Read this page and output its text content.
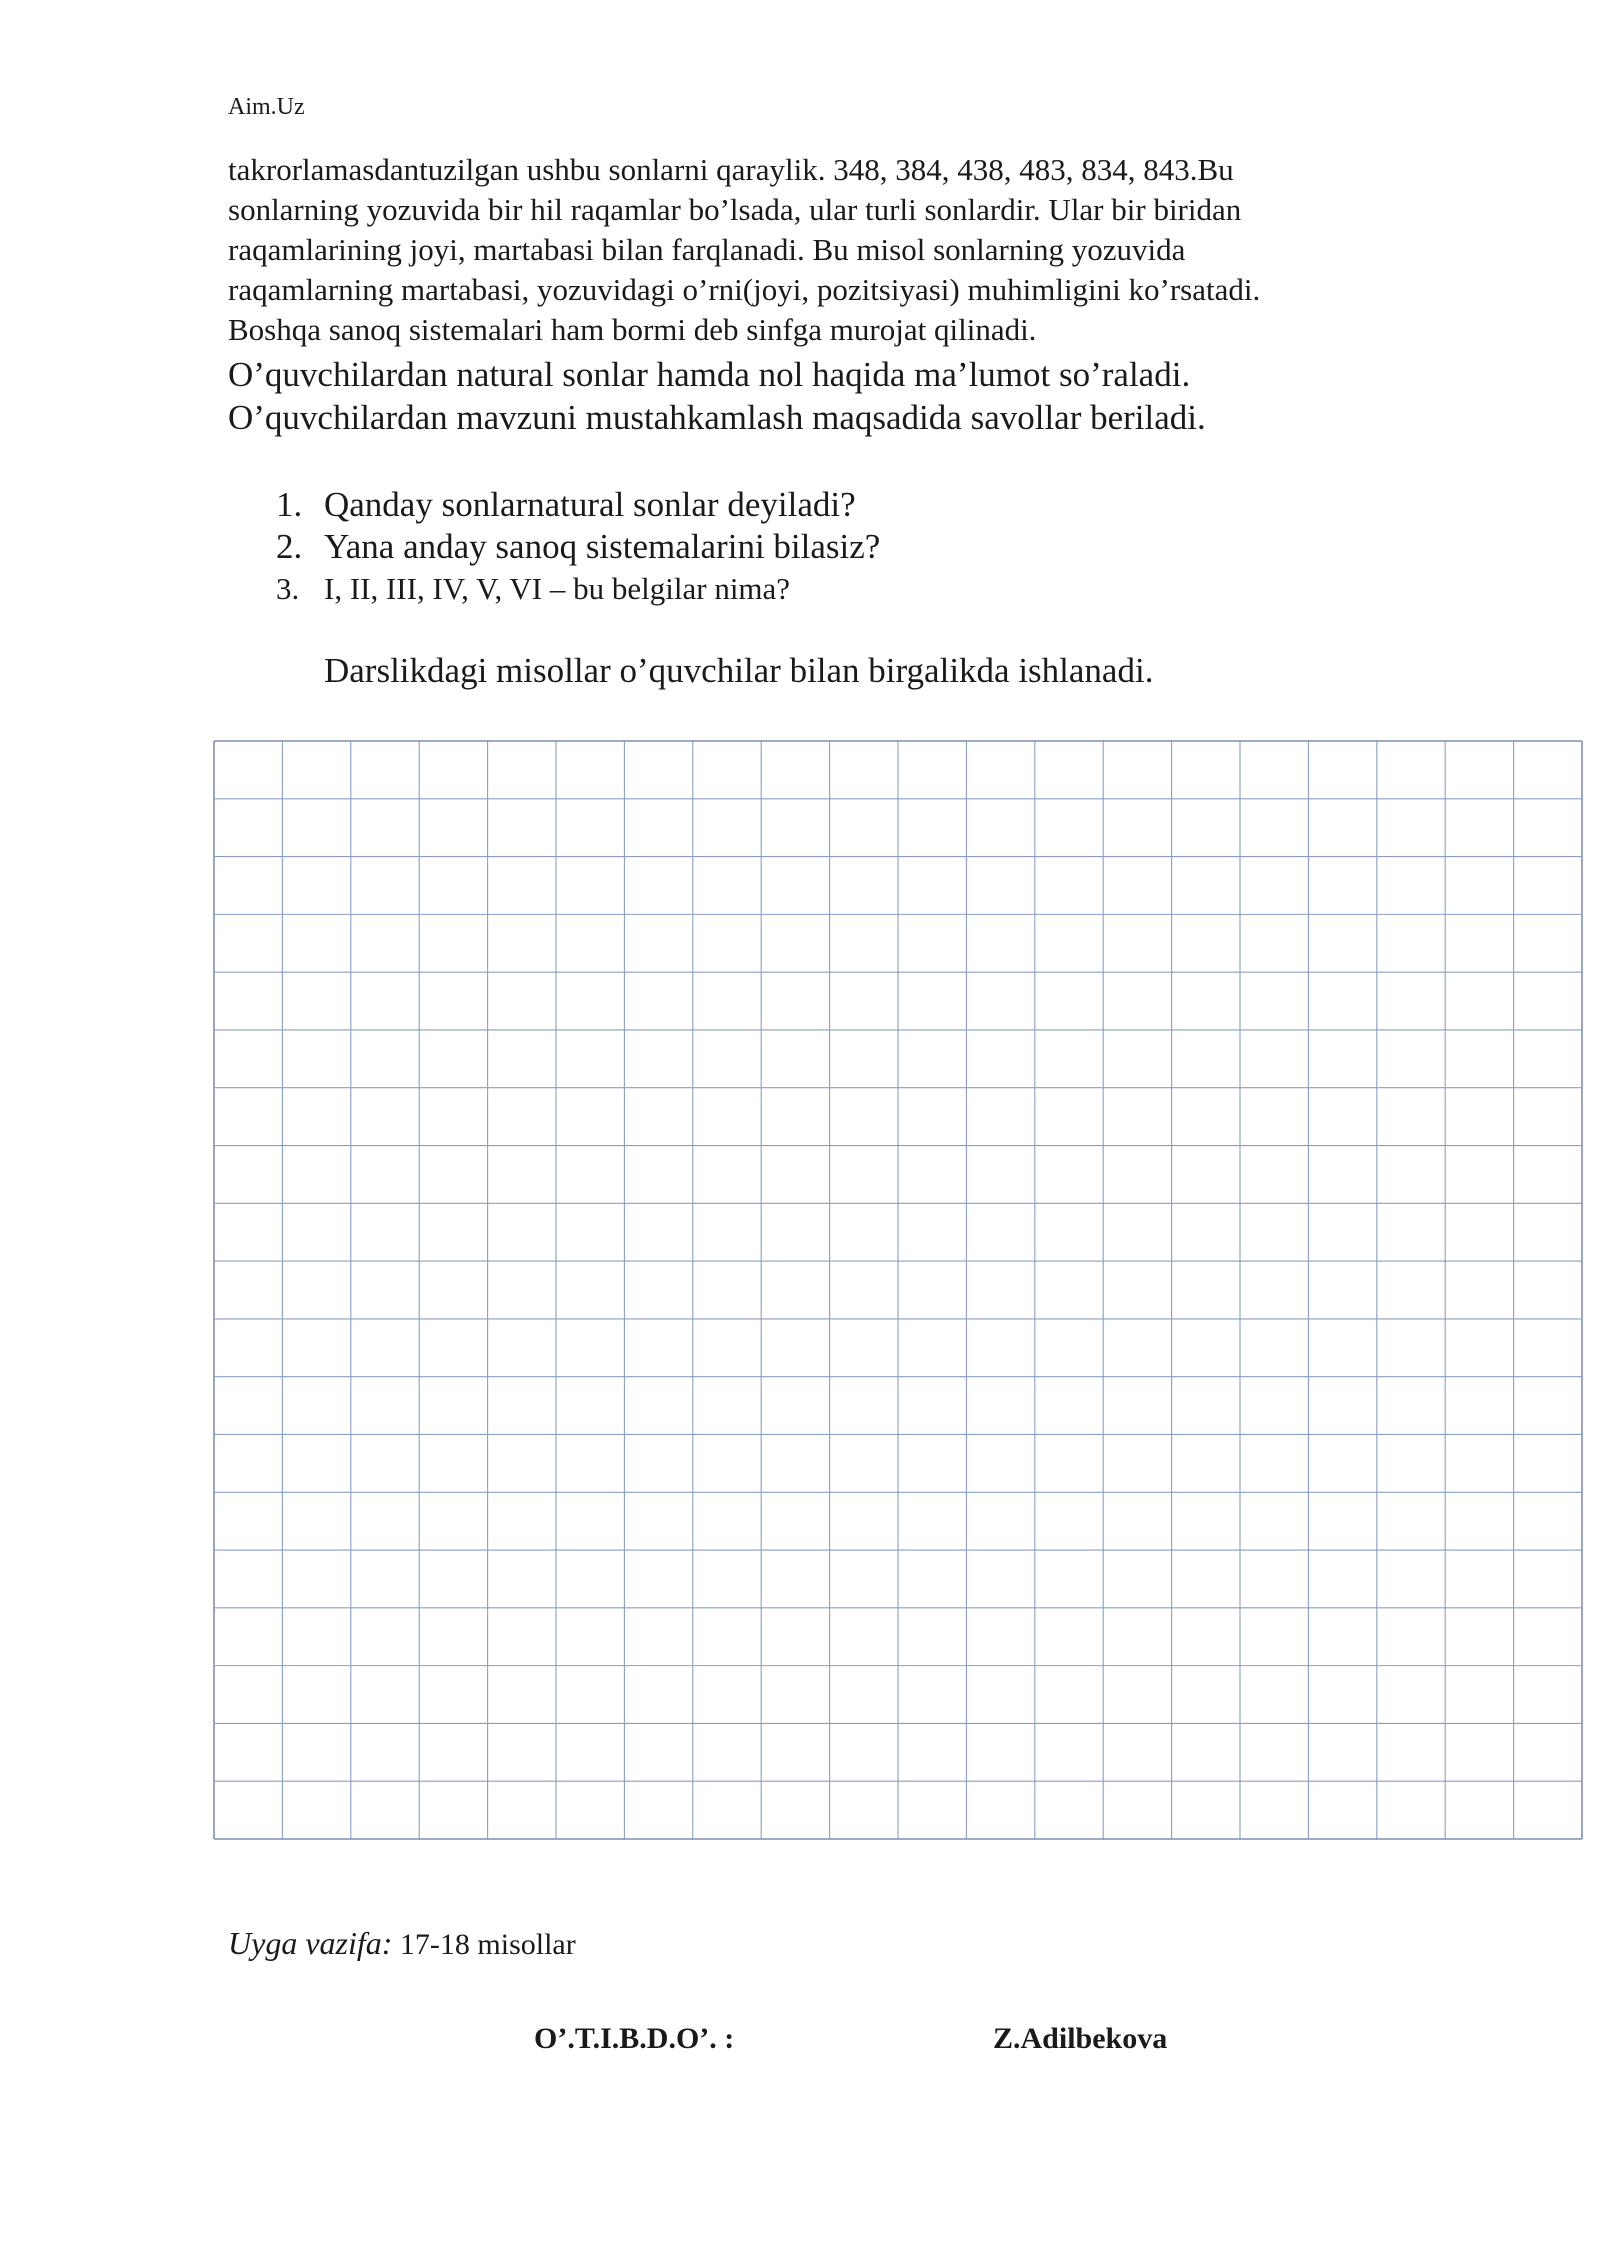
Aim.Uz
takrorlamasdantuzilgan ushbu sonlarni qaraylik. 348, 384, 438, 483, 834, 843.Bu
sonlarning yozuvida bir hil raqamlar bo’lsada, ular turli sonlardir. Ular bir biridan
raqamlarining joyi, martabasi bilan farqlanadi. Bu misol sonlarning yozuvida
raqamlarning martabasi, yozuvidagi o’rni(joyi, pozitsiyasi) muhimligini ko’rsatadi.
Boshqa sanoq sistemalari ham bormi deb sinfga murojat qilinadi.
O’quvchilardan natural sonlar hamda nol haqida ma’lumot so’raladi.
O’quvchilardan mavzuni mustahkamlash maqsadida savollar beriladi.
1. Qanday sonlarnatural sonlar deyiladi?
2. Yana anday sanoq sistemalarini bilasiz?
3. I, II, III, IV, V, VI – bu belgilar nima?
Darslikdagi misollar o’quvchilar bilan birgalikda ishlanadi.
Uyga vazifa: 17-18 misollar
O’.T.I.B.D.O’. :	Z.Adilbekova
